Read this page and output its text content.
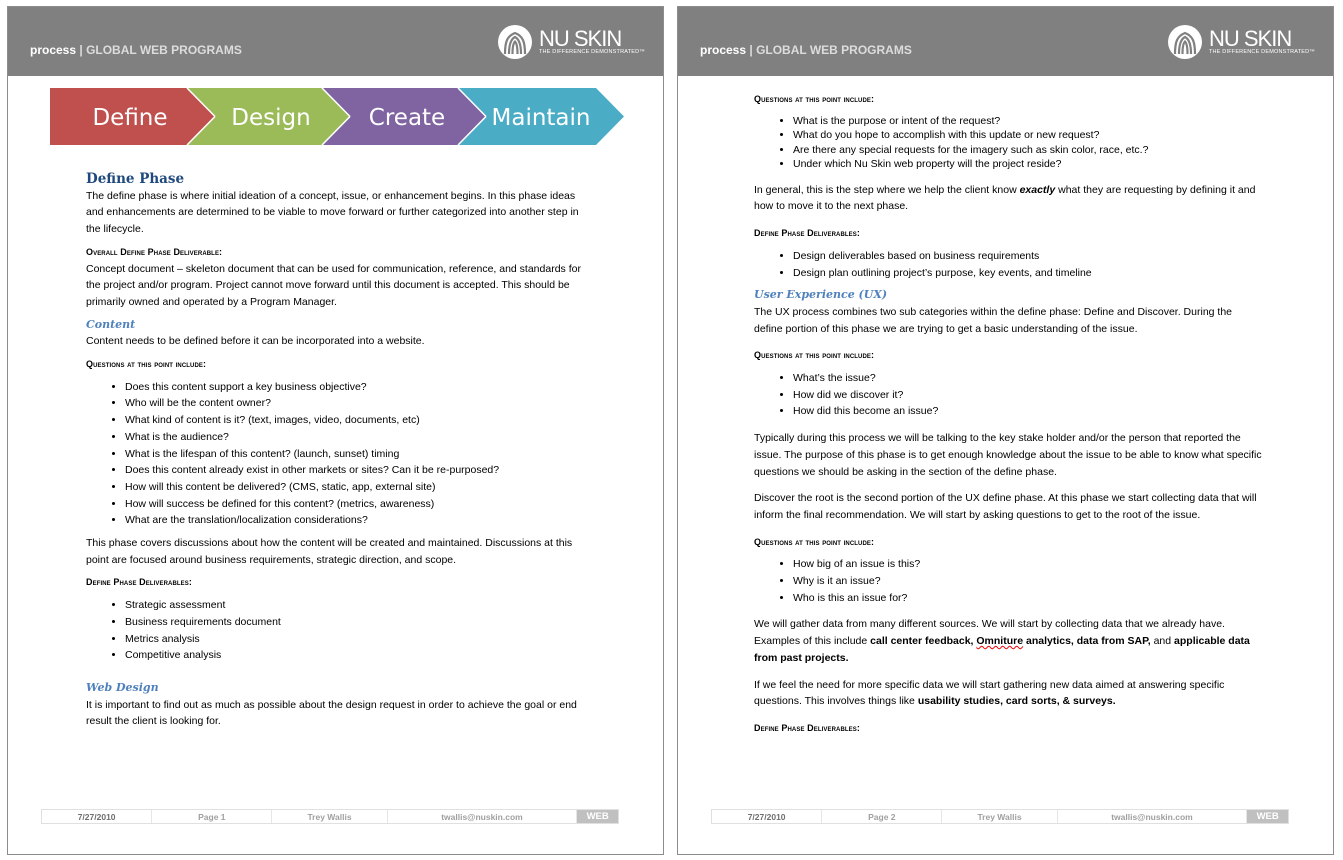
process | GLOBAL WEB PROGRAMS	NU SKIN
THE DIFFERENCE DEMONSTRATED™
Define	Design	Create Maintain
Define Phase

The define phase is where initial ideation of a concept, issue, or enhancement begins. In this phase ideas and enhancements are determined to be viable to move forward or further categorized into another step in the lifecycle.

Overall Define Phase Deliverable:

Concept document – skeleton document that can be used for communication, reference, and standards for the project and/or program. Project cannot move forward until this document is accepted. This should be primarily owned and operated by a Program Manager.

Content

Content needs to be defined before it can be incorporated into a website.

Questions at this point include:
• Does this content support a key business objective?
• Who will be the content owner?
• What kind of content is it? (text, images, video, documents, etc)
• What is the audience?
• What is the lifespan of this content? (launch, sunset) timing
• Does this content already exist in other markets or sites? Can it be re-purposed?
• How will this content be delivered? (CMS, static, app, external site)
• How will success be defined for this content? (metrics, awareness)
• What are the translation/localization considerations?

This phase covers discussions about how the content will be created and maintained. Discussions at this point are focused around business requirements, strategic direction, and scope.

Define Phase Deliverables:
• Strategic assessment
• Business requirements document
• Metrics analysis
• Competitive analysis
Web Design

It is important to find out as much as possible about the design request in order to achieve the goal or end result the client is looking for.

7/27/2010	Page 1	Trey Wallis	twallis@nuskin.com	WEB
process | GLOBAL WEB PROGRAMS	NU SKIN
THE DIFFERENCE DEMONSTRATED™
Questions at this point include:
• What is the purpose or intent of the request?
• What do you hope to accomplish with this update or new request?
• Are there any special requests for the imagery such as skin color, race, etc.?
• Under which Nu Skin web property will the project reside?

In general, this is the step where we help the client know exactly what they are requesting by defining it and how to move it to the next phase.

Define Phase Deliverables:
• Design deliverables based on business requirements
• Design plan outlining project’s purpose, key events, and timeline
User Experience (UX)

The UX process combines two sub categories within the define phase: Define and Discover. During the define portion of this phase we are trying to get a basic understanding of the issue.

Questions at this point include:
• What’s the issue?
• How did we discover it?
• How did this become an issue?

Typically during this process we will be talking to the key stake holder and/or the person that reported the issue. The purpose of this phase is to get enough knowledge about the issue to be able to know what specific questions we should be asking in the section of the define phase.

Discover the root is the second portion of the UX define phase. At this phase we start collecting data that will inform the final recommendation. We will start by asking questions to get to the root of the issue.

Questions at this point include:
• How big of an issue is this?
• Why is it an issue?
• Who is this an issue for?

We will gather data from many different sources. We will start by collecting data that we already have. Examples of this include call center feedback, Omniture analytics, data from SAP, and applicable data from past projects.

If we feel the need for more specific data we will start gathering new data aimed at answering specific questions. This involves things like usability studies, card sorts, & surveys.

Define Phase Deliverables:
7/27/2010	Page 2	Trey Wallis	twallis@nuskin.com	WEB
